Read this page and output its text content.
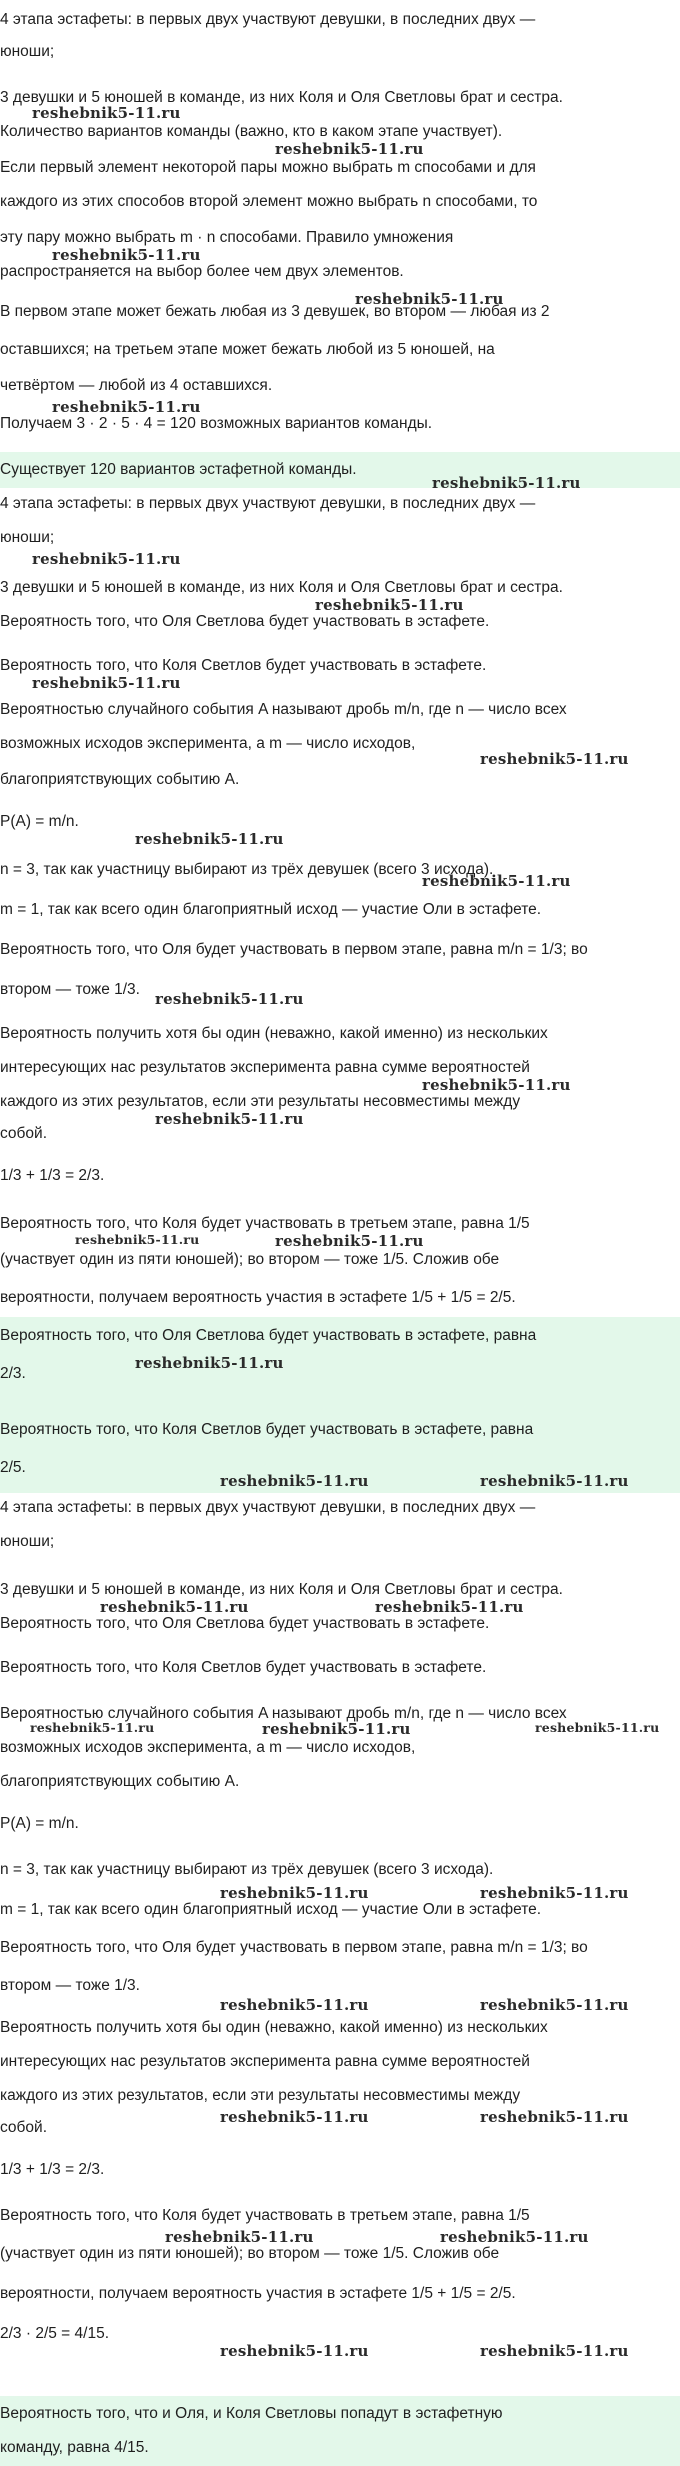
4 этапа эстафеты: в первых двух участвуют девушки, в последних двух —
юноши;
3 девушки и 5 юношей в команде, из них Коля и Оля Светловы брат и сестра.
Количество вариантов команды (важно, кто в каком этапе участвует).
Если первый элемент некоторой пары можно выбрать m способами и для
каждого из этих способов второй элемент можно выбрать n способами, то
эту пару можно выбрать m · n способами. Правило умножения
распространяется на выбор более чем двух элементов.
В первом этапе может бежать любая из 3 девушек, во втором — любая из 2
оставшихся; на третьем этапе может бежать любой из 5 юношей, на
четвёртом — любой из 4 оставшихся.
Получаем 3 · 2 · 5 · 4 = 120 возможных вариантов команды.
Существует 120 вариантов эстафетной команды.
4 этапа эстафеты: в первых двух участвуют девушки, в последних двух —
юноши;
3 девушки и 5 юношей в команде, из них Коля и Оля Светловы брат и сестра.
Вероятность того, что Оля Светлова будет участвовать в эстафете.
Вероятность того, что Коля Светлов будет участвовать в эстафете.
Вероятностью случайного события A называют дробь m/n, где n — число всех
возможных исходов эксперимента, а m — число исходов,
благоприятствующих событию A.
P(A) = m/n.
n = 3, так как участницу выбирают из трёх девушек (всего 3 исхода).
m = 1, так как всего один благоприятный исход — участие Оли в эстафете.
Вероятность того, что Оля будет участвовать в первом этапе, равна m/n = 1/3; во
втором — тоже 1/3.
Вероятность получить хотя бы один (неважно, какой именно) из нескольких
интересующих нас результатов эксперимента равна сумме вероятностей
каждого из этих результатов, если эти результаты несовместимы между
собой.
1/3 + 1/3 = 2/3.
Вероятность того, что Коля будет участвовать в третьем этапе, равна 1/5
(участвует один из пяти юношей); во втором — тоже 1/5. Сложив обе
вероятности, получаем вероятность участия в эстафете 1/5 + 1/5 = 2/5.
Вероятность того, что Оля Светлова будет участвовать в эстафете, равна
2/3.
Вероятность того, что Коля Светлов будет участвовать в эстафете, равна
2/5.
4 этапа эстафеты: в первых двух участвуют девушки, в последних двух —
юноши;
3 девушки и 5 юношей в команде, из них Коля и Оля Светловы брат и сестра.
Вероятность того, что Оля Светлова будет участвовать в эстафете.
Вероятность того, что Коля Светлов будет участвовать в эстафете.
Вероятностью случайного события A называют дробь m/n, где n — число всех
возможных исходов эксперимента, а m — число исходов,
благоприятствующих событию A.
P(A) = m/n.
n = 3, так как участницу выбирают из трёх девушек (всего 3 исхода).
m = 1, так как всего один благоприятный исход — участие Оли в эстафете.
Вероятность того, что Оля будет участвовать в первом этапе, равна m/n = 1/3; во
втором — тоже 1/3.
Вероятность получить хотя бы один (неважно, какой именно) из нескольких
интересующих нас результатов эксперимента равна сумме вероятностей
каждого из этих результатов, если эти результаты несовместимы между
собой.
1/3 + 1/3 = 2/3.
Вероятность того, что Коля будет участвовать в третьем этапе, равна 1/5
(участвует один из пяти юношей); во втором — тоже 1/5. Сложив обе
вероятности, получаем вероятность участия в эстафете 1/5 + 1/5 = 2/5.
2/3 · 2/5 = 4/15.
Вероятность того, что и Оля, и Коля Светловы попадут в эстафетную
команду, равна 4/15.
reshebnik5-11.ru
reshebnik5-11.ru
reshebnik5-11.ru
reshebnik5-11.ru
reshebnik5-11.ru
reshebnik5-11.ru
reshebnik5-11.ru
reshebnik5-11.ru
reshebnik5-11.ru
reshebnik5-11.ru
reshebnik5-11.ru
reshebnik5-11.ru
reshebnik5-11.ru
reshebnik5-11.ru
reshebnik5-11.ru
reshebnik5-11.ru	reshebnik5-11.ru
reshebnik5-11.ru
reshebnik5-11.ru	reshebnik5-11.ru
reshebnik5-11.ru	reshebnik5-11.ru
reshebnik5-11.ru	reshebnik5-11.ru	reshebnik5-11.ru
reshebnik5-11.ru	reshebnik5-11.ru
reshebnik5-11.ru	reshebnik5-11.ru
reshebnik5-11.ru	reshebnik5-11.ru
reshebnik5-11.ru	reshebnik5-11.ru
reshebnik5-11.ru	reshebnik5-11.ru
